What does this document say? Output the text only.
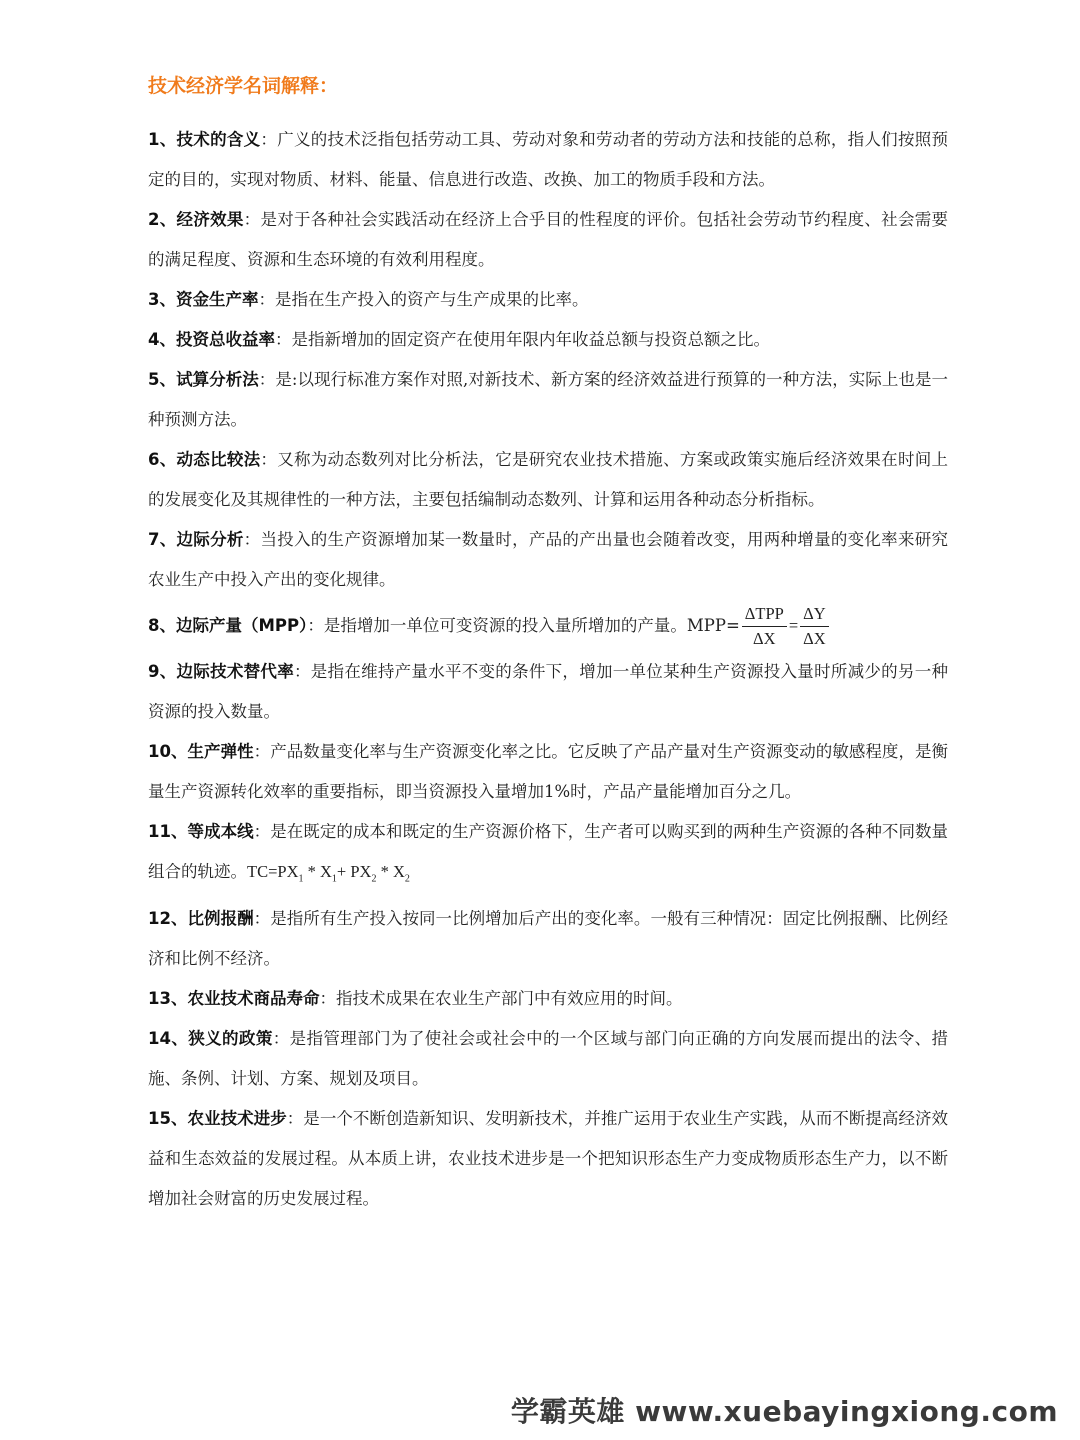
技术经济学名词解释：

1、技术的含义：广义的技术泛指包括劳动工具、劳动对象和劳动者的劳动方法和技能的总称，指人们按照预定的目的，实现对物质、材料、能量、信息进行改造、改换、加工的物质手段和方法。

2、经济效果：是对于各种社会实践活动在经济上合乎目的性程度的评价。包括社会劳动节约程度、社会需要的满足程度、资源和生态环境的有效利用程度。

3、资金生产率：是指在生产投入的资产与生产成果的比率。

4、投资总收益率：是指新增加的固定资产在使用年限内年收益总额与投资总额之比。

5、试算分析法：是:以现行标准方案作对照,对新技术、新方案的经济效益进行预算的一种方法，实际上也是一种预测方法。

6、动态比较法：又称为动态数列对比分析法，它是研究农业技术措施、方案或政策实施后经济效果在时间上的发展变化及其规律性的一种方法，主要包括编制动态数列、计算和运用各种动态分析指标。

7、边际分析：当投入的生产资源增加某一数量时，产品的产出量也会随着改变，用两种增量的变化率来研究农业生产中投入产出的变化规律。

8、边际产量（MPP）：是指增加一单位可变资源的投入量所增加的产量。$MPP= \frac{\text{ΔTPP}}{\Delta X} = \frac{\Delta Y}{\Delta X}$

9、边际技术替代率：是指在维持产量水平不变的条件下，增加一单位某种生产资源投入量时所减少的另一种资源的投入数量。

10、生产弹性：产品数量变化率与生产资源变化率之比。它反映了产品产量对生产资源变动的敏感程度，是衡量生产资源转化效率的重要指标，即当资源投入量增加1%时，产品产量能增加百分之几。

11、等成本线：是在既定的成本和既定的生产资源价格下，生产者可以购买到的两种生产资源的各种不同数量组合的轨迹。$TC=PX_1 * X_1+ PX_2 * X_2$

12、比例报酬：是指所有生产投入按同一比例增加后产出的变化率。一般有三种情况：固定比例报酬、比例经济和比例不经济。

13、农业技术商品寿命：指技术成果在农业生产部门中有效应用的时间。

14、狭义的政策：是指管理部门为了使社会或社会中的一个区域与部门向正确的方向发展而提出的法令、措施、条例、计划、方案、规划及项目。

15、农业技术进步：是一个不断创造新知识、发明新技术，并推广运用于农业生产实践，从而不断提高经济效益和生态效益的发展过程。从本质上讲，农业技术进步是一个把知识形态生产力变成物质形态生产力，以不断增加社会财富的历史发展过程。

学霸英雄 www.xuebayingxiong.com
